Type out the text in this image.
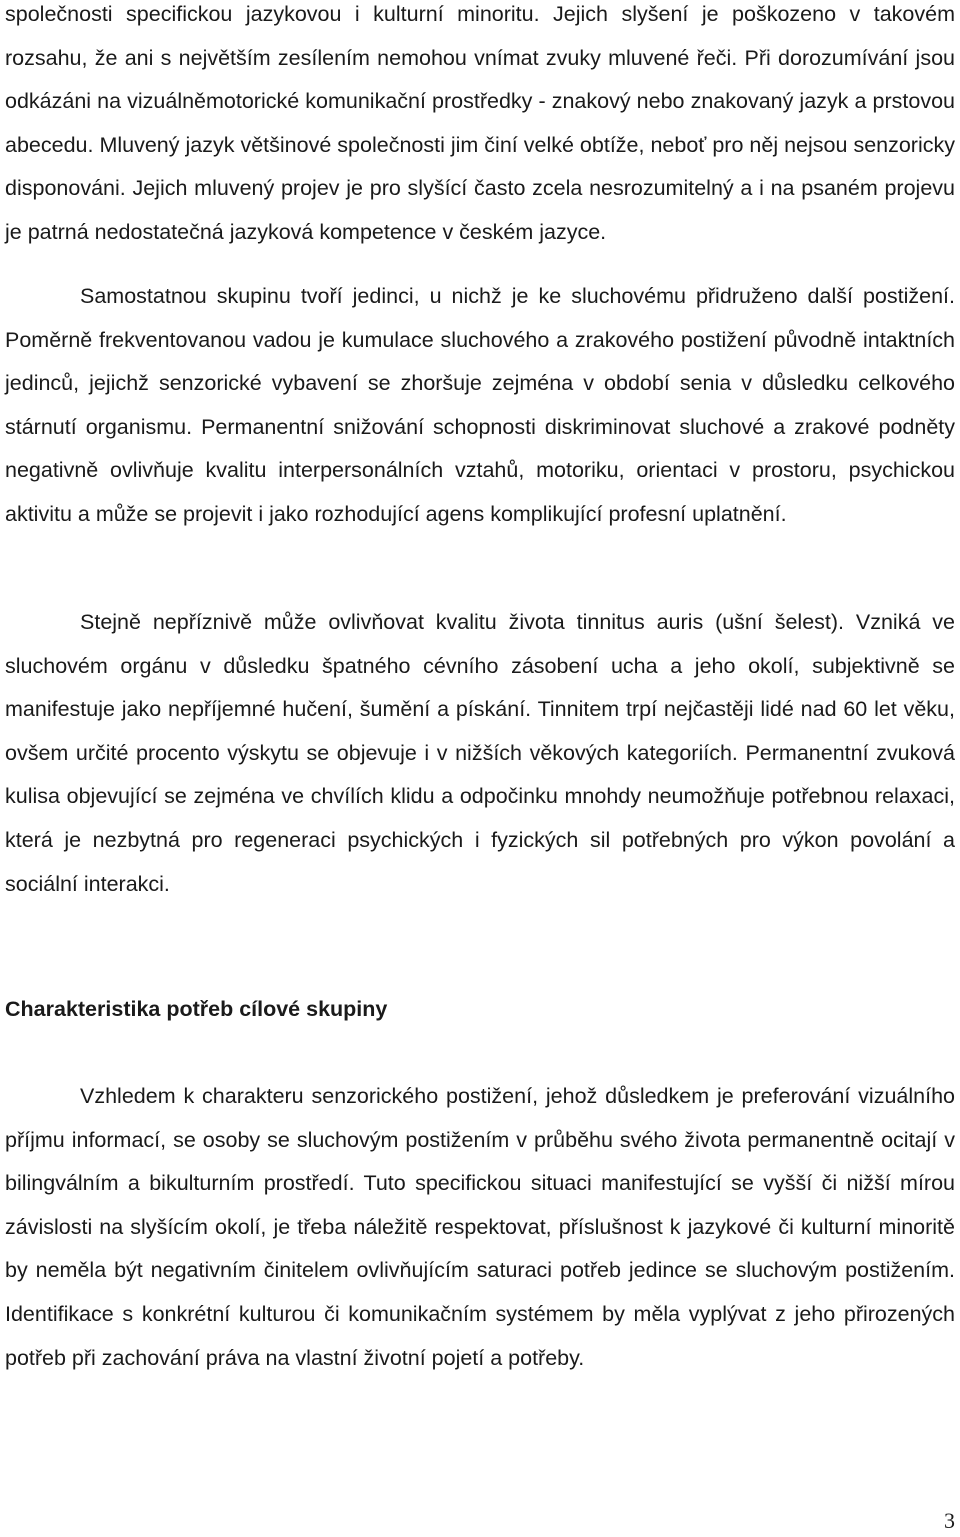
společnosti specifickou jazykovou i kulturní minoritu. Jejich slyšení je poškozeno v takovém rozsahu, že ani s největším zesílením nemohou vnímat zvuky mluvené řeči. Při dorozumívání jsou odkázáni na vizuálněmotorické komunikační prostředky - znakový nebo znakovaný jazyk a prstovou abecedu. Mluvený jazyk většinové společnosti jim činí velké obtíže, neboť pro něj nejsou senzoricky disponováni. Jejich mluvený projev je pro slyšící často zcela nesrozumitelný a i na psaném projevu je patrná nedostatečná jazyková kompetence v českém jazyce.

Samostatnou skupinu tvoří jedinci, u nichž je ke sluchovému přidruženo další postižení. Poměrně frekventovanou vadou je kumulace sluchového a zrakového postižení původně intaktních jedinců, jejichž senzorické vybavení se zhoršuje zejména v období senia v důsledku celkového stárnutí organismu. Permanentní snižování schopnosti diskriminovat sluchové a zrakové podněty negativně ovlivňuje kvalitu interpersonálních vztahů, motoriku, orientaci v prostoru, psychickou aktivitu a může se projevit i jako rozhodující agens komplikující profesní uplatnění.

Stejně nepříznivě může ovlivňovat kvalitu života tinnitus auris (ušní šelest). Vzniká ve sluchovém orgánu v důsledku špatného cévního zásobení ucha a jeho okolí, subjektivně se manifestuje jako nepříjemné hučení, šumění a pískání. Tinnitem trpí nejčastěji lidé nad 60 let věku, ovšem určité procento výskytu se objevuje i v nižších věkových kategoriích. Permanentní zvuková kulisa objevující se zejména ve chvílích klidu a odpočinku mnohdy neumožňuje potřebnou relaxaci, která je nezbytná pro regeneraci psychických i fyzických sil potřebných pro výkon povolání a sociální interakci.

Charakteristika potřeb cílové skupiny

Vzhledem k charakteru senzorického postižení, jehož důsledkem je preferování vizuálního příjmu informací, se osoby se sluchovým postižením v průběhu svého života permanentně ocitají v bilingválním a bikulturním prostředí. Tuto specifickou situaci manifestující se vyšší či nižší mírou závislosti na slyšícím okolí, je třeba náležitě respektovat, příslušnost k jazykové či kulturní minoritě by neměla být negativním činitelem ovlivňujícím saturaci potřeb jedince se sluchovým postižením. Identifikace s konkrétní kulturou či komunikačním systémem by měla vyplývat z jeho přirozených potřeb při zachování práva na vlastní životní pojetí a potřeby.

3
